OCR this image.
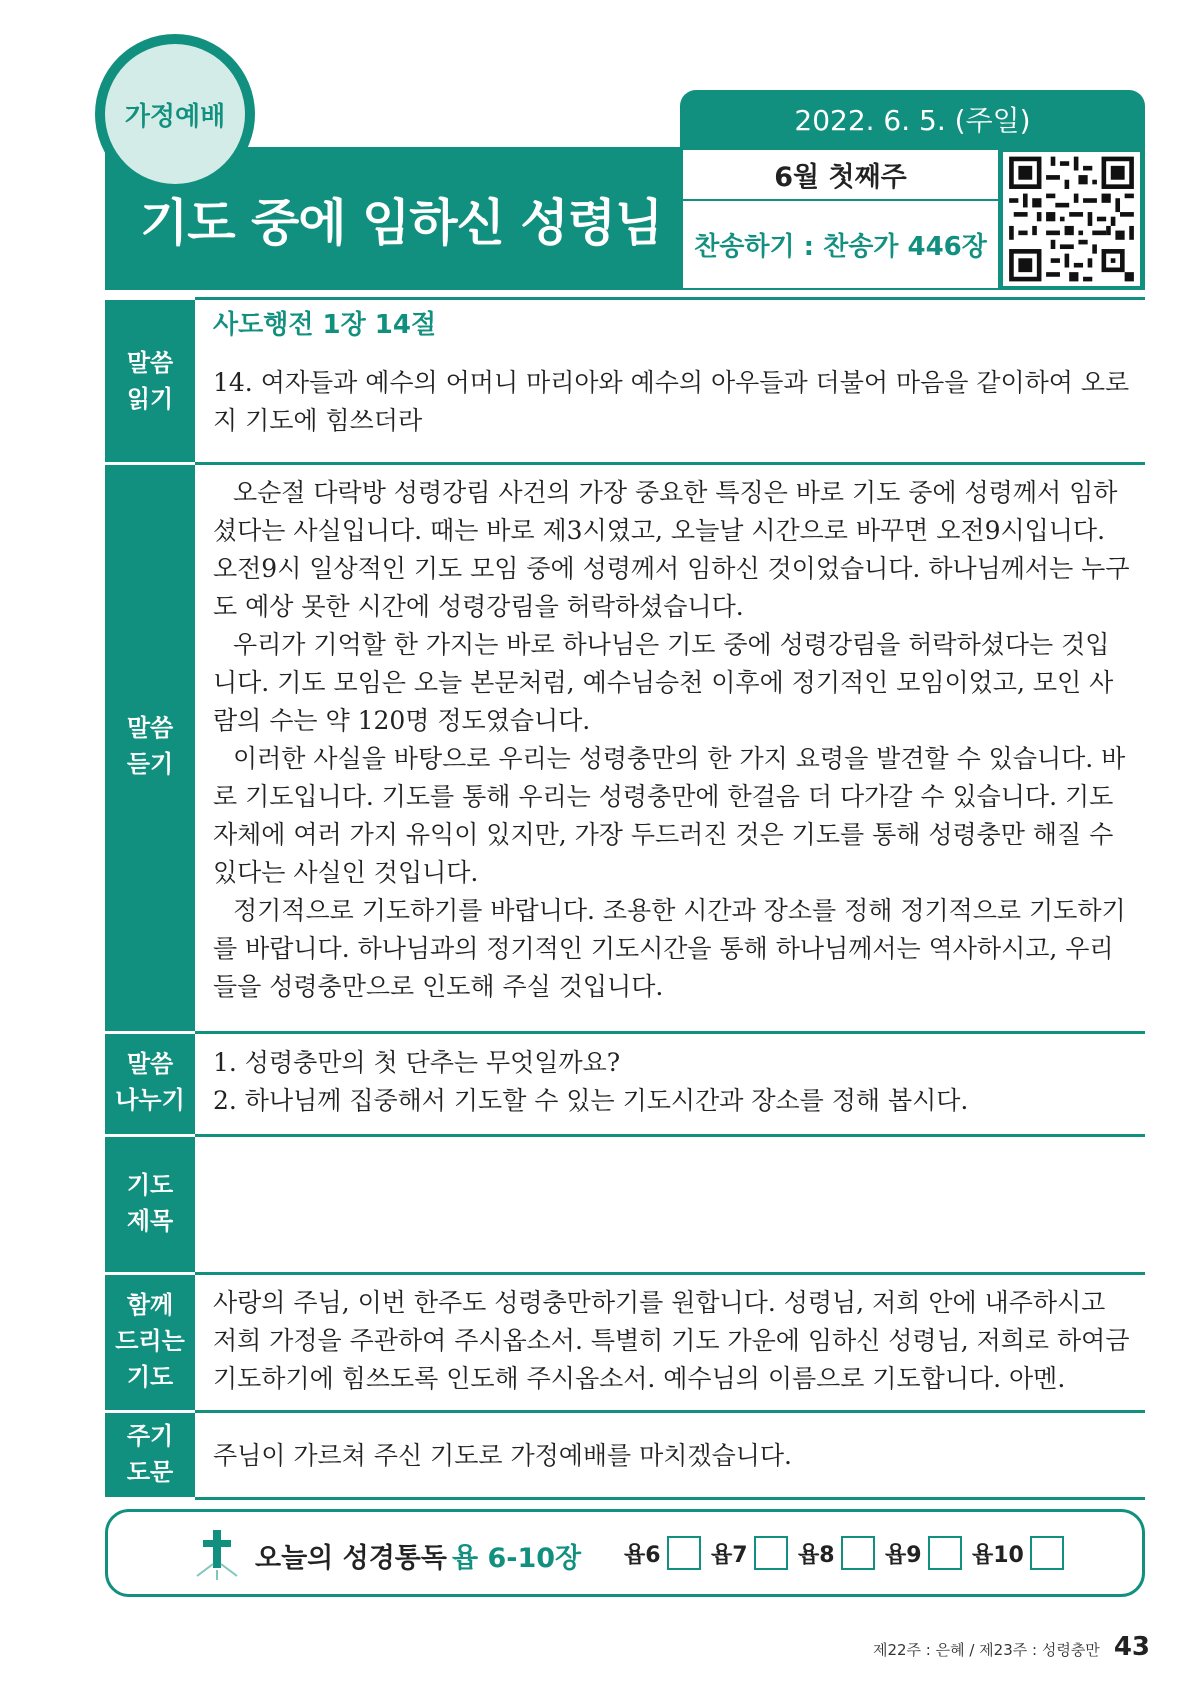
기도 중에 임하신 성령님
가정예배	2022. 6. 5. (주일)
6월 첫째주
찬송하기 : 찬송가 446장
말씀
읽기
사도행전 1장 14절
14. 여자들과 예수의 어머니 마리아와 예수의 아우들과 더불어 마음을 같이하여 오로지 기도에 힘쓰더라
말씀
듣기

오순절 다락방 성령강림 사건의 가장 중요한 특징은 바로 기도 중에 성령께서 임하셨다는 사실입니다. 때는 바로 제3시였고, 오늘날 시간으로 바꾸면 오전9시입니다. 오전9시 일상적인 기도 모임 중에 성령께서 임하신 것이었습니다. 하나님께서는 누구도 예상 못한 시간에 성령강림을 허락하셨습니다.

우리가 기억할 한 가지는 바로 하나님은 기도 중에 성령강림을 허락하셨다는 것입니다. 기도 모임은 오늘 본문처럼, 예수님승천 이후에 정기적인 모임이었고, 모인 사람의 수는 약 120명 정도였습니다.

이러한 사실을 바탕으로 우리는 성령충만의 한 가지 요령을 발견할 수 있습니다. 바로 기도입니다. 기도를 통해 우리는 성령충만에 한걸음 더 다가갈 수 있습니다. 기도 자체에 여러 가지 유익이 있지만, 가장 두드러진 것은 기도를 통해 성령충만 해질 수 있다는 사실인 것입니다.

정기적으로 기도하기를 바랍니다. 조용한 시간과 장소를 정해 정기적으로 기도하기를 바랍니다. 하나님과의 정기적인 기도시간을 통해 하나님께서는 역사하시고, 우리들을 성령충만으로 인도해 주실 것입니다.

말씀
나누기

1. 성령충만의 첫 단추는 무엇일까요?

2. 하나님께 집중해서 기도할 수 있는 기도시간과 장소를 정해 봅시다.

기도
제목
함께
드리는
기도
사랑의 주님, 이번 한주도 성령충만하기를 원합니다. 성령님, 저희 안에 내주하시고 저희 가정을 주관하여 주시옵소서. 특별히 기도 가운에 임하신 성령님, 저희로 하여금 기도하기에 힘쓰도록 인도해 주시옵소서. 예수님의 이름으로 기도합니다. 아멘.
주기
도문
주님이 가르쳐 주신 기도로 가정예배를 마치겠습니다.
오늘의 성경통독 욥 6-10장 욥6 욥7 욥8 욥9 욥10
제22주 : 은혜 / 제23주 : 성령충만 43
